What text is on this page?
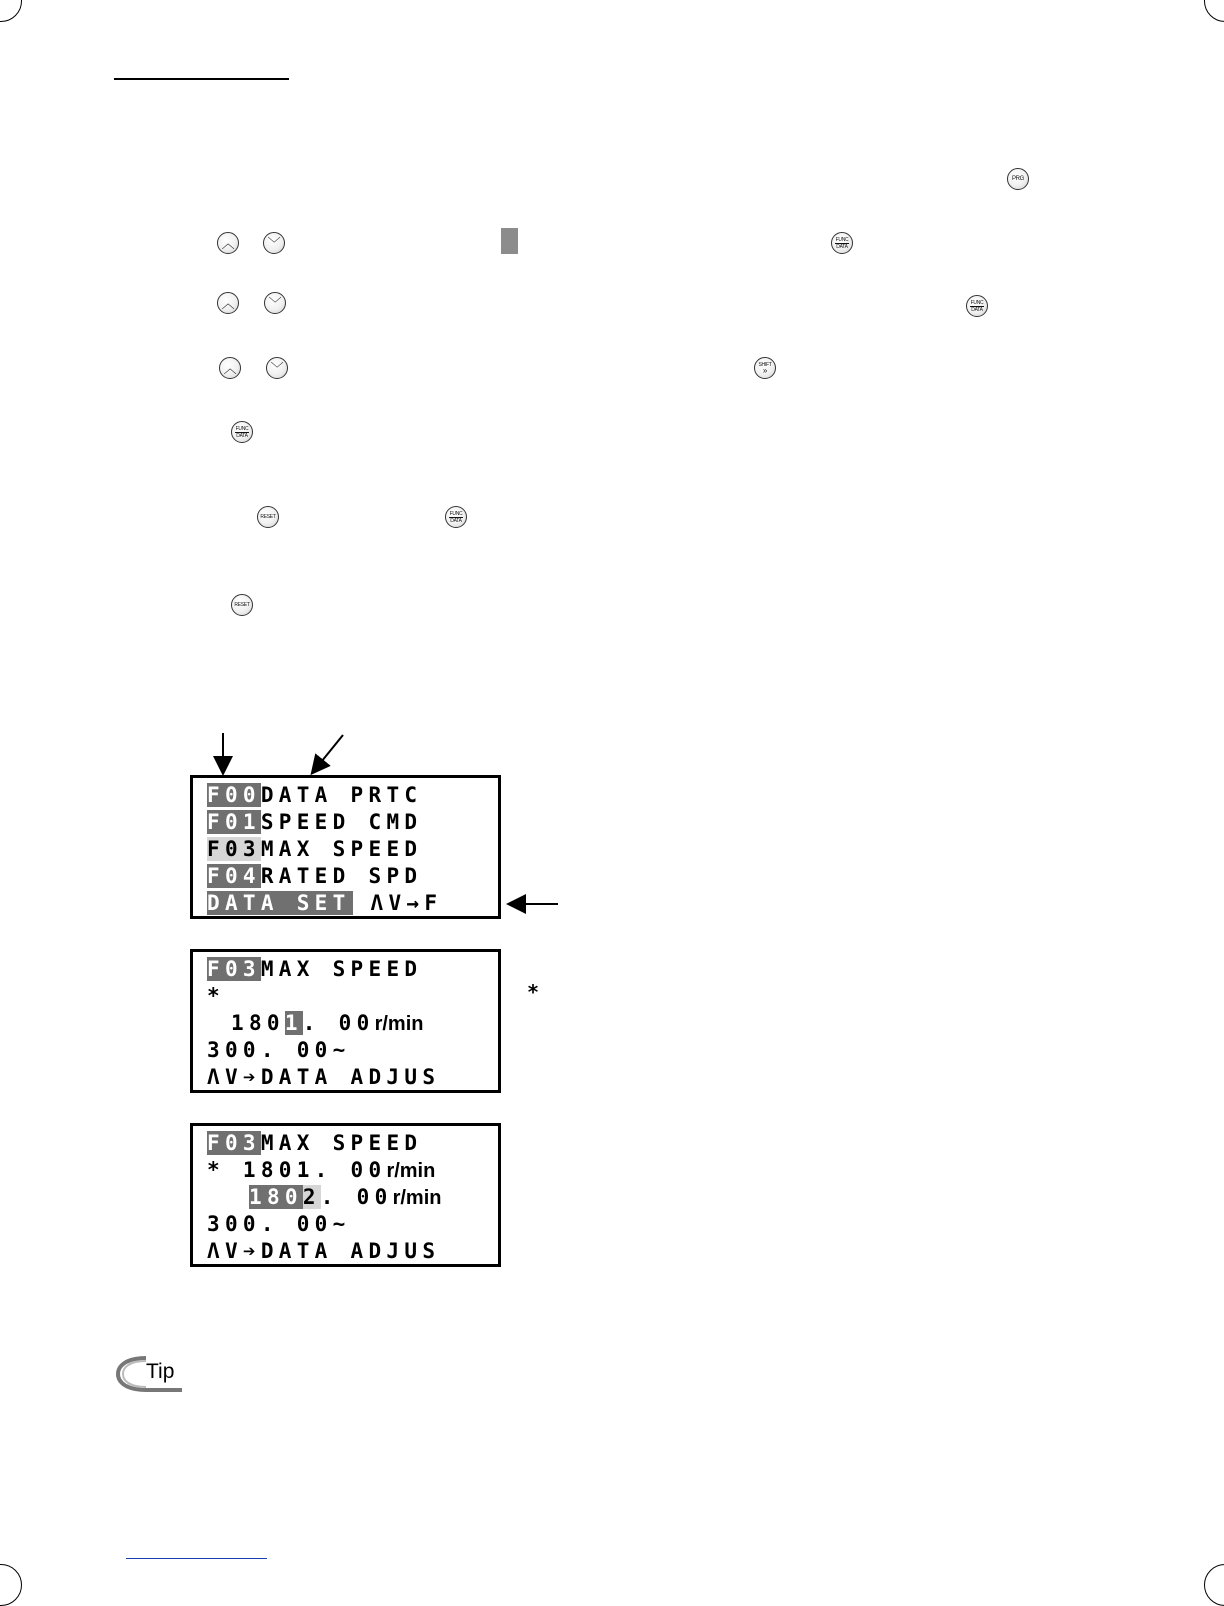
PRG
︿	﹀	FUNC
DATA
︿	﹀	FUNC
DATA
︿	﹀	SHIFT
»
FUNC
DATA
RESET
FUNC
DATA
RESET
F00DATA PRTC
F01SPEED CMD
F03MAX SPEED
F04RATED SPD
DATA SET ΛV→F
F03MAX SPEED
*
1801. 00r/min
300. 00~
ΛV➔DATA ADJUS
*
F03MAX SPEED
* 1801. 00r/min
1802. 00r/min
300. 00~
ΛV➔DATA ADJUS
Tip
